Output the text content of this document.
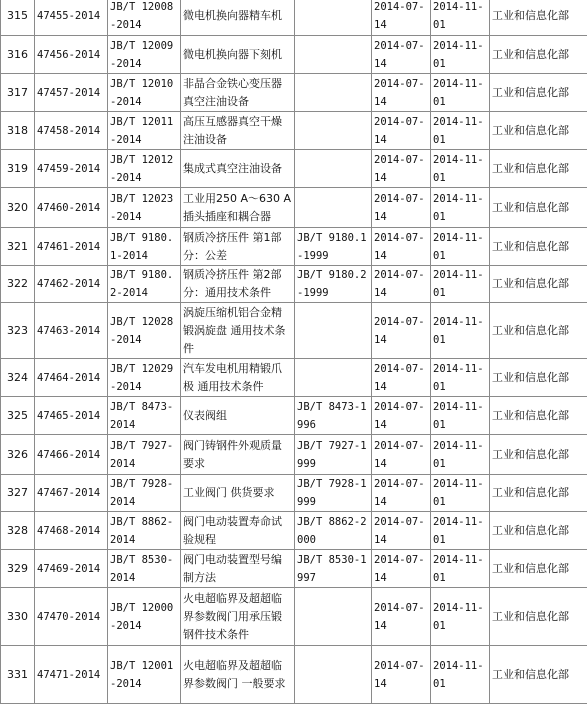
315	47455-2014	JB/T 12008-2014	微电机换向器精车机		2014-07-14	2014-11-01	工业和信息化部
316	47456-2014	JB/T 12009-2014	微电机换向器下刻机		2014-07-14	2014-11-01	工业和信息化部
317	47457-2014	JB/T 12010-2014	非晶合金铁心变压器真空注油设备		2014-07-14	2014-11-01	工业和信息化部
318	47458-2014	JB/T 12011-2014	高压互感器真空干燥注油设备		2014-07-14	2014-11-01	工业和信息化部
319	47459-2014	JB/T 12012-2014	集成式真空注油设备		2014-07-14	2014-11-01	工业和信息化部
320	47460-2014	JB/T 12023-2014	工业用250 A～630 A插头插座和耦合器		2014-07-14	2014-11-01	工业和信息化部
321	47461-2014	JB/T 9180.1-2014	钢质冷挤压件 第1部分：公差	JB/T 9180.1-1999	2014-07-14	2014-11-01	工业和信息化部
322	47462-2014	JB/T 9180.2-2014	钢质冷挤压件 第2部分：通用技术条件	JB/T 9180.2-1999	2014-07-14	2014-11-01	工业和信息化部
323	47463-2014	JB/T 12028-2014	涡旋压缩机铝合金精锻涡旋盘 通用技术条件		2014-07-14	2014-11-01	工业和信息化部
324	47464-2014	JB/T 12029-2014	汽车发电机用精锻爪极 通用技术条件		2014-07-14	2014-11-01	工业和信息化部
325	47465-2014	JB/T 8473-2014	仪表阀组	JB/T 8473-1996	2014-07-14	2014-11-01	工业和信息化部
326	47466-2014	JB/T 7927-2014	阀门铸钢件外观质量要求	JB/T 7927-1999	2014-07-14	2014-11-01	工业和信息化部
327	47467-2014	JB/T 7928-2014	工业阀门 供货要求	JB/T 7928-1999	2014-07-14	2014-11-01	工业和信息化部
328	47468-2014	JB/T 8862-2014	阀门电动装置寿命试验规程	JB/T 8862-2000	2014-07-14	2014-11-01	工业和信息化部
329	47469-2014	JB/T 8530-2014	阀门电动装置型号编制方法	JB/T 8530-1997	2014-07-14	2014-11-01	工业和信息化部
330	47470-2014	JB/T 12000-2014	火电超临界及超超临界参数阀门用承压锻钢件技术条件		2014-07-14	2014-11-01	工业和信息化部
331	47471-2014	JB/T 12001-2014	火电超临界及超超临界参数阀门 一般要求		2014-07-14	2014-11-01	工业和信息化部
